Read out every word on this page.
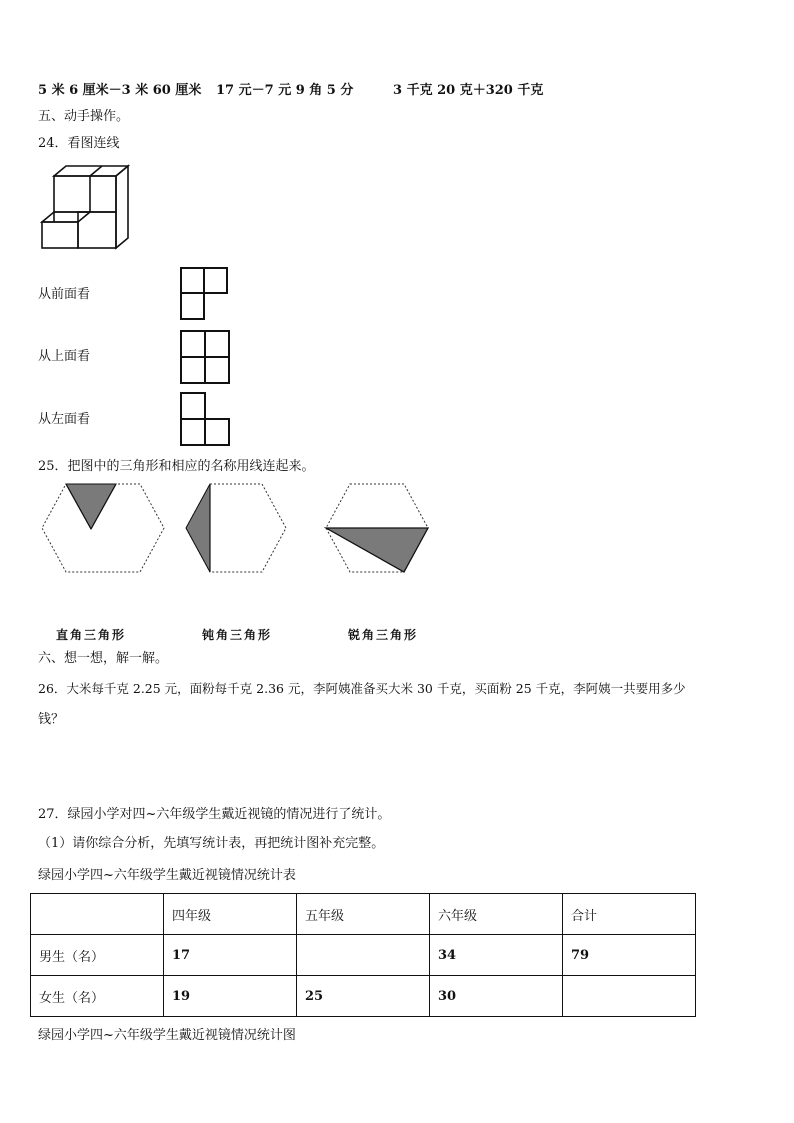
5 米 6 厘米－3 米 60 厘米 17 元－7 元 9 角 5 分	3 千克 20 克＋320 千克
五、动手操作。
24．看图连线
从前面看
从上面看
从左面看
25．把图中的三角形和相应的名称用线连起来。
直角三角形	钝角三角形	锐角三角形
六、想一想，解一解。
26．大米每千克 2.25 元，面粉每千克 2.36 元，李阿姨准备买大米 30 千克，买面粉 25 千克，李阿姨一共要用多少
钱？
27．绿园小学对四~六年级学生戴近视镜的情况进行了统计。
（1）请你综合分析，先填写统计表，再把统计图补充完整。
绿园小学四~六年级学生戴近视镜情况统计表
	四年级	五年级	六年级	合计
男生（名）	17		34	79
女生（名）	19	25	30	
绿园小学四~六年级学生戴近视镜情况统计图
